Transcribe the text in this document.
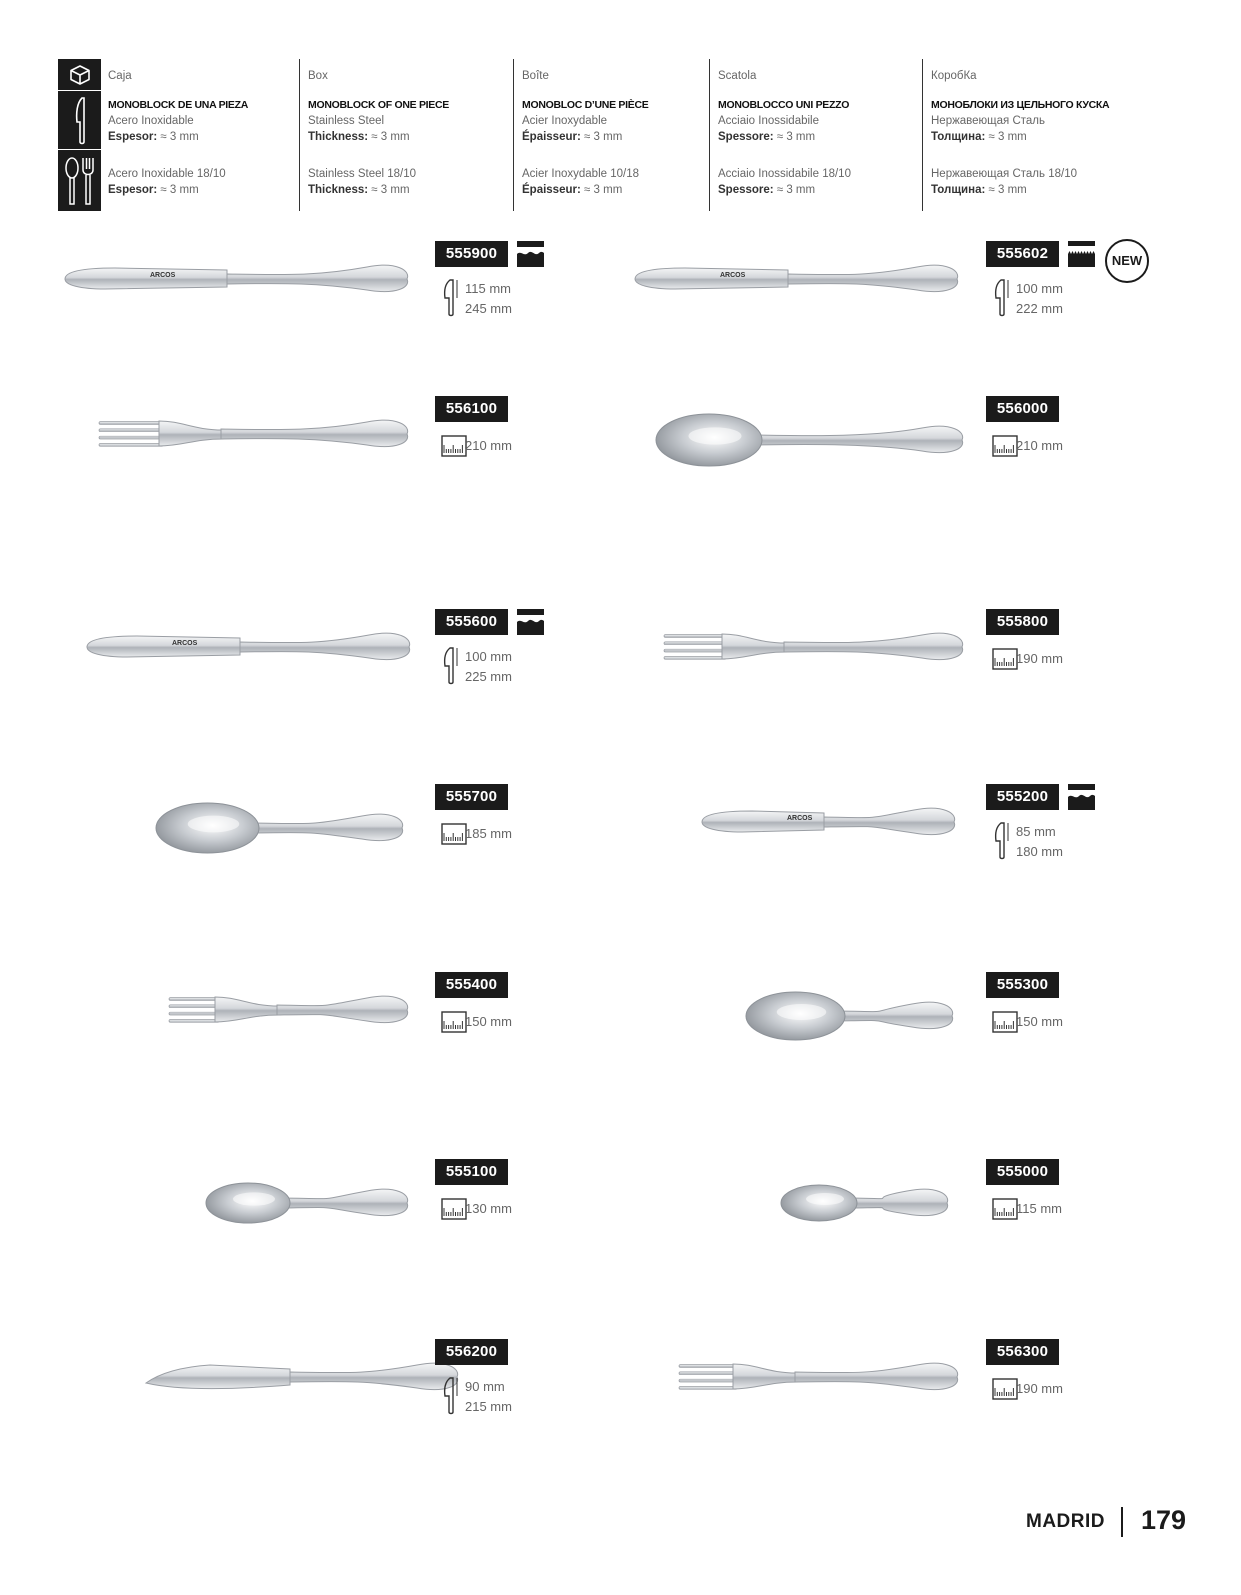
Caja
MONOBLOCK DE UNA PIEZA
Acero Inoxidable
Espesor: ≈ 3 mm
Acero Inoxidable 18/10
Espesor: ≈ 3 mm
Box
MONOBLOCK OF ONE PIECE
Stainless Steel
Thickness: ≈ 3 mm
Stainless Steel 18/10
Thickness: ≈ 3 mm
Boîte
MONOBLOC D’UNE PIÈCE
Acier Inoxydable
Épaisseur: ≈ 3 mm
Acier Inoxydable 10/18
Épaisseur: ≈ 3 mm
Scatola
MONOBLOCCO UNI PEZZO
Acciaio Inossidabile
Spessore: ≈ 3 mm
Acciaio Inossidabile 18/10
Spessore: ≈ 3 mm
КоробКа
МОНОБЛОКИ ИЗ ЦЕЛЬНОГО КУСКА
Нержавеющая Сталь
Толщина: ≈ 3 mm
Нержавеющая Сталь 18/10
Толщина: ≈ 3 mm
ARCOS
555900
115 mm
245 mm
ARCOS
555602	NEW
100 mm
222 mm
556100
210 mm
556000
210 mm
ARCOS
555600
100 mm
225 mm
555800
190 mm
555700
185 mm
ARCOS
555200
85 mm
180 mm
555400
150 mm
555300
150 mm
555100
130 mm
555000
115 mm
556200
90 mm
215 mm
556300
190 mm
MADRID 179
